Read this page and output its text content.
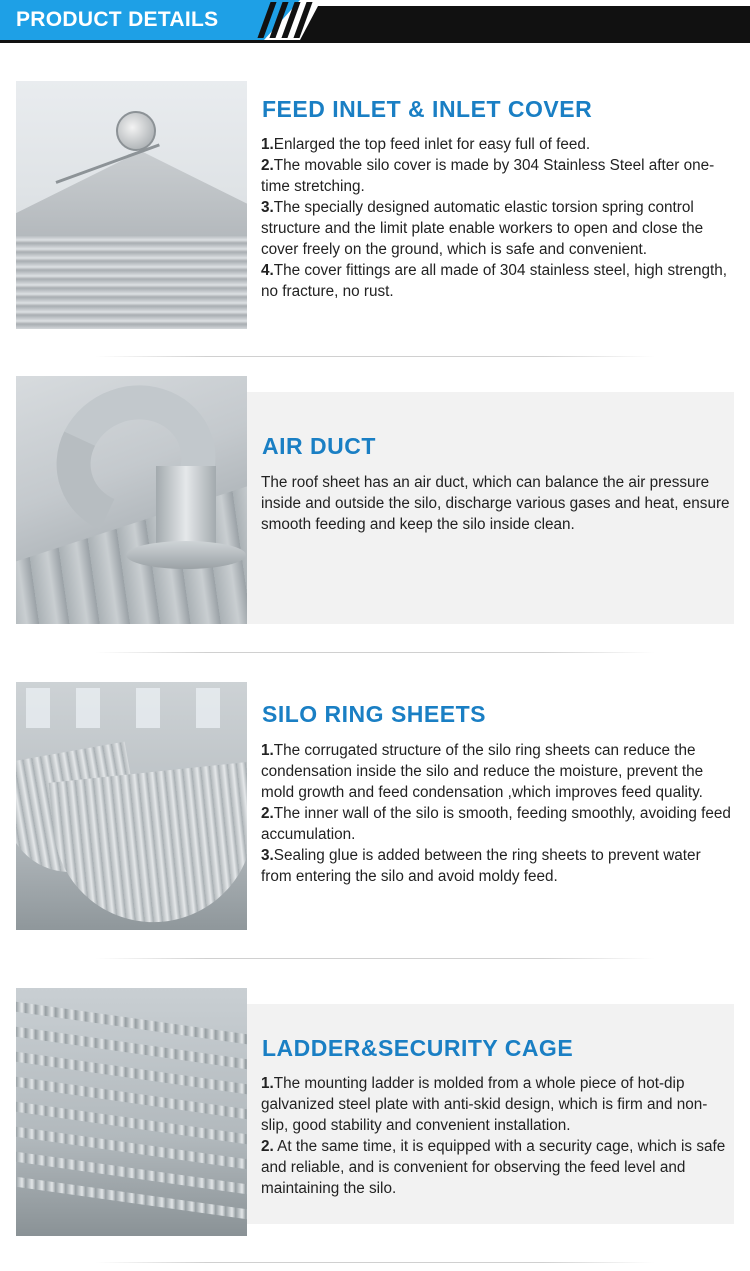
PRODUCT DETAILS
FEED INLET & INLET COVER

1.Enlarged the top feed inlet for easy full of feed.

2.The movable silo cover is made by 304 Stainless Steel after one-time stretching.

3.The specially designed automatic elastic torsion spring control structure and the limit plate enable workers to open and close the cover freely on the ground, which is safe and convenient.

4.The cover fittings are all made of 304 stainless steel, high strength, no fracture, no rust.

AIR DUCT

The roof sheet has an air duct, which can balance the air pressure inside and outside the silo, discharge various gases and heat, ensure smooth feeding and keep the silo inside clean.

SILO RING SHEETS

1.The corrugated structure of the silo ring sheets can reduce the condensation inside the silo and reduce the moisture, prevent the mold growth and feed condensation ,which improves feed quality.

2.The inner wall of the silo is smooth, feeding smoothly, avoiding feed accumulation.

3.Sealing glue is added between the ring sheets to prevent water from entering the silo and avoid moldy feed.

LADDER&SECURITY CAGE

1.The mounting ladder is molded from a whole piece of hot-dip galvanized steel plate with anti-skid design, which is firm and non-slip, good stability and convenient installation.

2. At the same time, it is equipped with a security cage, which is safe and reliable, and is convenient for observing the feed level and maintaining the silo.
